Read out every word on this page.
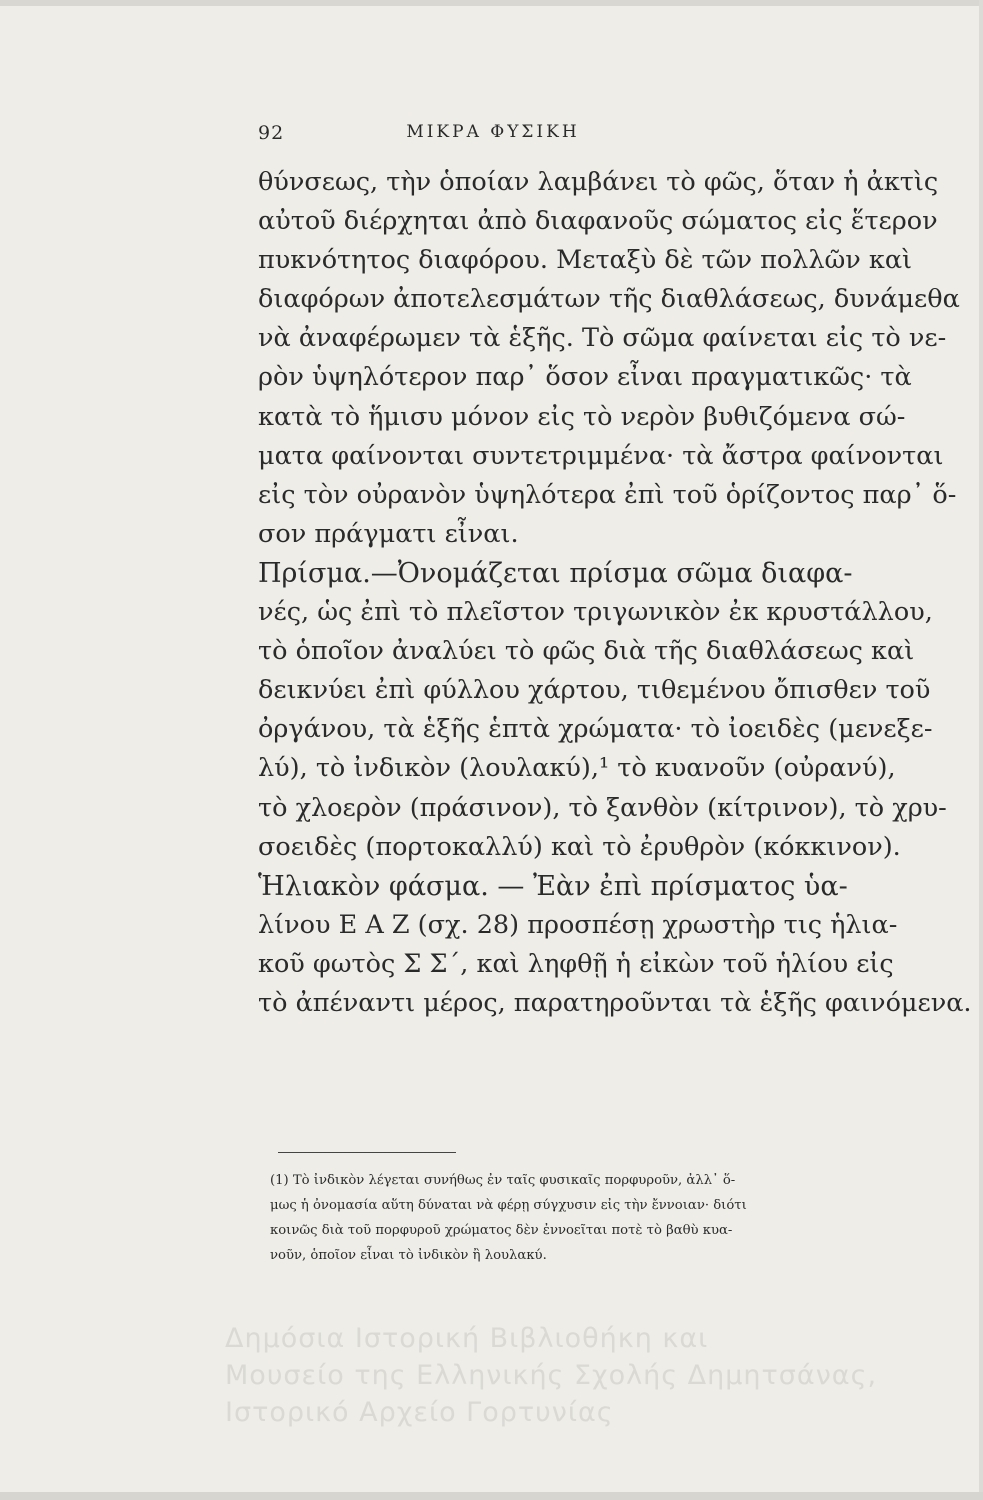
92	ΜΙΚΡΑ ΦΥΣΙΚΗ
θύνσεως, τὴν ὁποίαν λαμβάνει τὸ φῶς, ὅταν ἡ ἀκτὶς
αὐτοῦ διέρχηται ἀπὸ διαφανοῦς σώματος εἰς ἕτερον
πυκνότητος διαφόρου. Μεταξὺ δὲ τῶν πολλῶν καὶ
διαφόρων ἀποτελεσμάτων τῆς διαθλάσεως, δυνάμεθα
νὰ ἀναφέρωμεν τὰ ἑξῆς. Τὸ σῶμα φαίνεται εἰς τὸ νε-
ρὸν ὑψηλότερον παρ᾽ ὅσον εἶναι πραγματικῶς· τὰ
κατὰ τὸ ἥμισυ μόνον εἰς τὸ νερὸν βυθιζόμενα σώ-
ματα φαίνονται συντετριμμένα· τὰ ἄστρα φαίνονται
εἰς τὸν οὐρανὸν ὑψηλότερα ἐπὶ τοῦ ὁρίζοντος παρ᾽ ὅ-
σον πράγματι εἶναι.
Πρίσμα.—Ὀνομάζεται πρίσμα σῶμα διαφα-
νές, ὡς ἐπὶ τὸ πλεῖστον τριγωνικὸν ἐκ κρυστάλλου,
τὸ ὁποῖον ἀναλύει τὸ φῶς διὰ τῆς διαθλάσεως καὶ
δεικνύει ἐπὶ φύλλου χάρτου, τιθεμένου ὄπισθεν τοῦ
ὀργάνου, τὰ ἑξῆς ἑπτὰ χρώματα· τὸ ἰοειδὲς (μενεξε-
λύ), τὸ ἰνδικὸν (λουλακύ),¹ τὸ κυανοῦν (οὐρανύ),
τὸ χλοερὸν (πράσινον), τὸ ξανθὸν (κίτρινον), τὸ χρυ-
σοειδὲς (πορτοκαλλύ) καὶ τὸ ἐρυθρὸν (κόκκινον).
Ἡλιακὸν φάσμα. — Ἐὰν ἐπὶ πρίσματος ὑα-
λίνου Ε Α Ζ (σχ. 28) προσπέσῃ χρωστὴρ τις ἡλια-
κοῦ φωτὸς Σ Σ΄, καὶ ληφθῇ ἡ εἰκὼν τοῦ ἡλίου εἰς
τὸ ἀπέναντι μέρος, παρατηροῦνται τὰ ἑξῆς φαινόμενα.
(1) Τὸ ἰνδικὸν λέγεται συνήθως ἐν ταῖς φυσικαῖς πορφυροῦν, ἀλλ᾽ ὅ-
μως ἡ ὀνομασία αὕτη δύναται νὰ φέρῃ σύγχυσιν εἰς τὴν ἔννοιαν· διότι
κοινῶς διὰ τοῦ πορφυροῦ χρώματος δὲν ἐννοεῖται ποτὲ τὸ βαθὺ κυα-
νοῦν, ὁποῖον εἶναι τὸ ἰνδικὸν ἢ λουλακύ.
Δημόσια Ιστορική Βιβλιοθήκη και
Μουσείο της Ελληνικής Σχολής Δημητσάνας,
Ιστορικό Αρχείο Γορτυνίας
